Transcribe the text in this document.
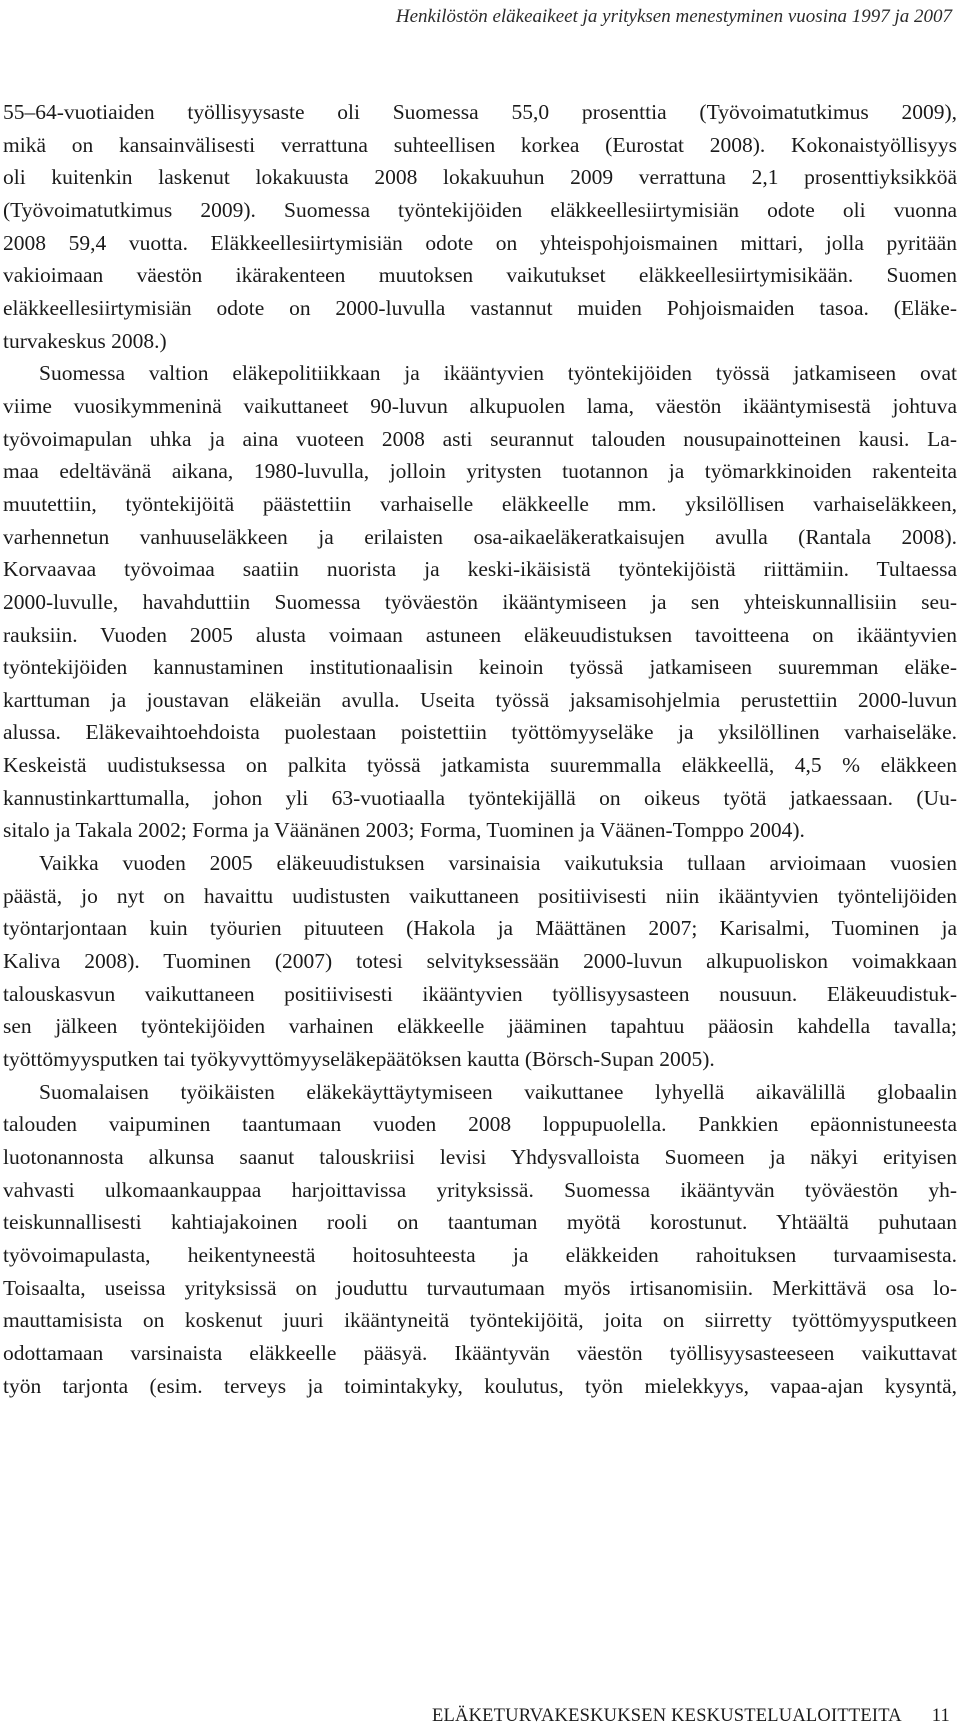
Henkilöstön eläkeaikeet ja yrityksen menestyminen vuosina 1997 ja 2007

55–64-vuotiaiden työllisyysaste oli Suomessa 55,0 prosenttia (Työvoimatutkimus 2009),
mikä on kansainvälisesti verrattuna suhteellisen korkea (Eurostat 2008). Kokonaistyöllisyys
oli kuitenkin laskenut lokakuusta 2008 lokakuuhun 2009 verrattuna 2,1 prosenttiyksikköä
(Työvoimatutkimus 2009). Suomessa työntekijöiden eläkkeellesiirtymisiän odote oli vuonna
2008 59,4 vuotta. Eläkkeellesiirtymisiän odote on yhteispohjoismainen mittari, jolla pyritään
vakioimaan väestön ikärakenteen muutoksen vaikutukset eläkkeellesiirtymisikään. Suomen
eläkkeellesiirtymisiän odote on 2000-luvulla vastannut muiden Pohjoismaiden tasoa. (Eläke-
turvakeskus 2008.)

Suomessa valtion eläkepolitiikkaan ja ikääntyvien työntekijöiden työssä jatkamiseen ovat
viime vuosikymmeninä vaikuttaneet 90-luvun alkupuolen lama, väestön ikääntymisestä johtuva
työvoimapulan uhka ja aina vuoteen 2008 asti seurannut talouden nousupainotteinen kausi. La-
maa edeltävänä aikana, 1980-luvulla, jolloin yritysten tuotannon ja työmarkkinoiden rakenteita
muutettiin, työntekijöitä päästettiin varhaiselle eläkkeelle mm. yksilöllisen varhaiseläkkeen,
varhennetun vanhuuseläkkeen ja erilaisten osa-aikaeläkeratkaisujen avulla (Rantala 2008).
Korvaavaa työvoimaa saatiin nuorista ja keski-ikäisistä työntekijöistä riittämiin. Tultaessa
2000-luvulle, havahduttiin Suomessa työväestön ikääntymiseen ja sen yhteiskunnallisiin seu-
rauksiin. Vuoden 2005 alusta voimaan astuneen eläkeuudistuksen tavoitteena on ikääntyvien
työntekijöiden kannustaminen institutionaalisin keinoin työssä jatkamiseen suuremman eläke-
karttuman ja joustavan eläkeiän avulla. Useita työssä jaksamisohjelmia perustettiin 2000-luvun
alussa. Eläkevaihtoehdoista puolestaan poistettiin työttömyyseläke ja yksilöllinen varhaiseläke.
Keskeistä uudistuksessa on palkita työssä jatkamista suuremmalla eläkkeellä, 4,5 % eläkkeen
kannustinkarttumalla, johon yli 63-vuotiaalla työntekijällä on oikeus työtä jatkaessaan. (Uu-
sitalo ja Takala 2002; Forma ja Väänänen 2003; Forma, Tuominen ja Väänen-Tomppo 2004).

Vaikka vuoden 2005 eläkeuudistuksen varsinaisia vaikutuksia tullaan arvioimaan vuosien
päästä, jo nyt on havaittu uudistusten vaikuttaneen positiivisesti niin ikääntyvien työntelijöiden
työntarjontaan kuin työurien pituuteen (Hakola ja Määttänen 2007; Karisalmi, Tuominen ja
Kaliva 2008). Tuominen (2007) totesi selvityksessään 2000-luvun alkupuoliskon voimakkaan
talouskasvun vaikuttaneen positiivisesti ikääntyvien työllisyysasteen nousuun. Eläkeuudistuk-
sen jälkeen työntekijöiden varhainen eläkkeelle jääminen tapahtuu pääosin kahdella tavalla;
työttömyysputken tai työkyvyttömyyseläkepäätöksen kautta (Börsch-Supan 2005).

Suomalaisen työikäisten eläkekäyttäytymiseen vaikuttanee lyhyellä aikavälillä globaalin
talouden vaipuminen taantumaan vuoden 2008 loppupuolella. Pankkien epäonnistuneesta
luotonannosta alkunsa saanut talouskriisi levisi Yhdysvalloista Suomeen ja näkyi erityisen
vahvasti ulkomaankauppaa harjoittavissa yrityksissä. Suomessa ikääntyvän työväestön yh-
teiskunnallisesti kahtiajakoinen rooli on taantuman myötä korostunut. Yhtäältä puhutaan
työvoimapulasta, heikentyneestä hoitosuhteesta ja eläkkeiden rahoituksen turvaamisesta.
Toisaalta, useissa yrityksissä on jouduttu turvautumaan myös irtisanomisiin. Merkittävä osa lo-
mauttamisista on koskenut juuri ikääntyneitä työntekijöitä, joita on siirretty työttömyysputkeen
odottamaan varsinaista eläkkeelle pääsyä. Ikääntyvän väestön työllisyysasteeseen vaikuttavat
työn tarjonta (esim. terveys ja toimintakyky, koulutus, työn mielekkyys, vapaa-ajan kysyntä,

ELÄKETURVAKESKUKSEN KESKUSTELUALOITTEITA 11
